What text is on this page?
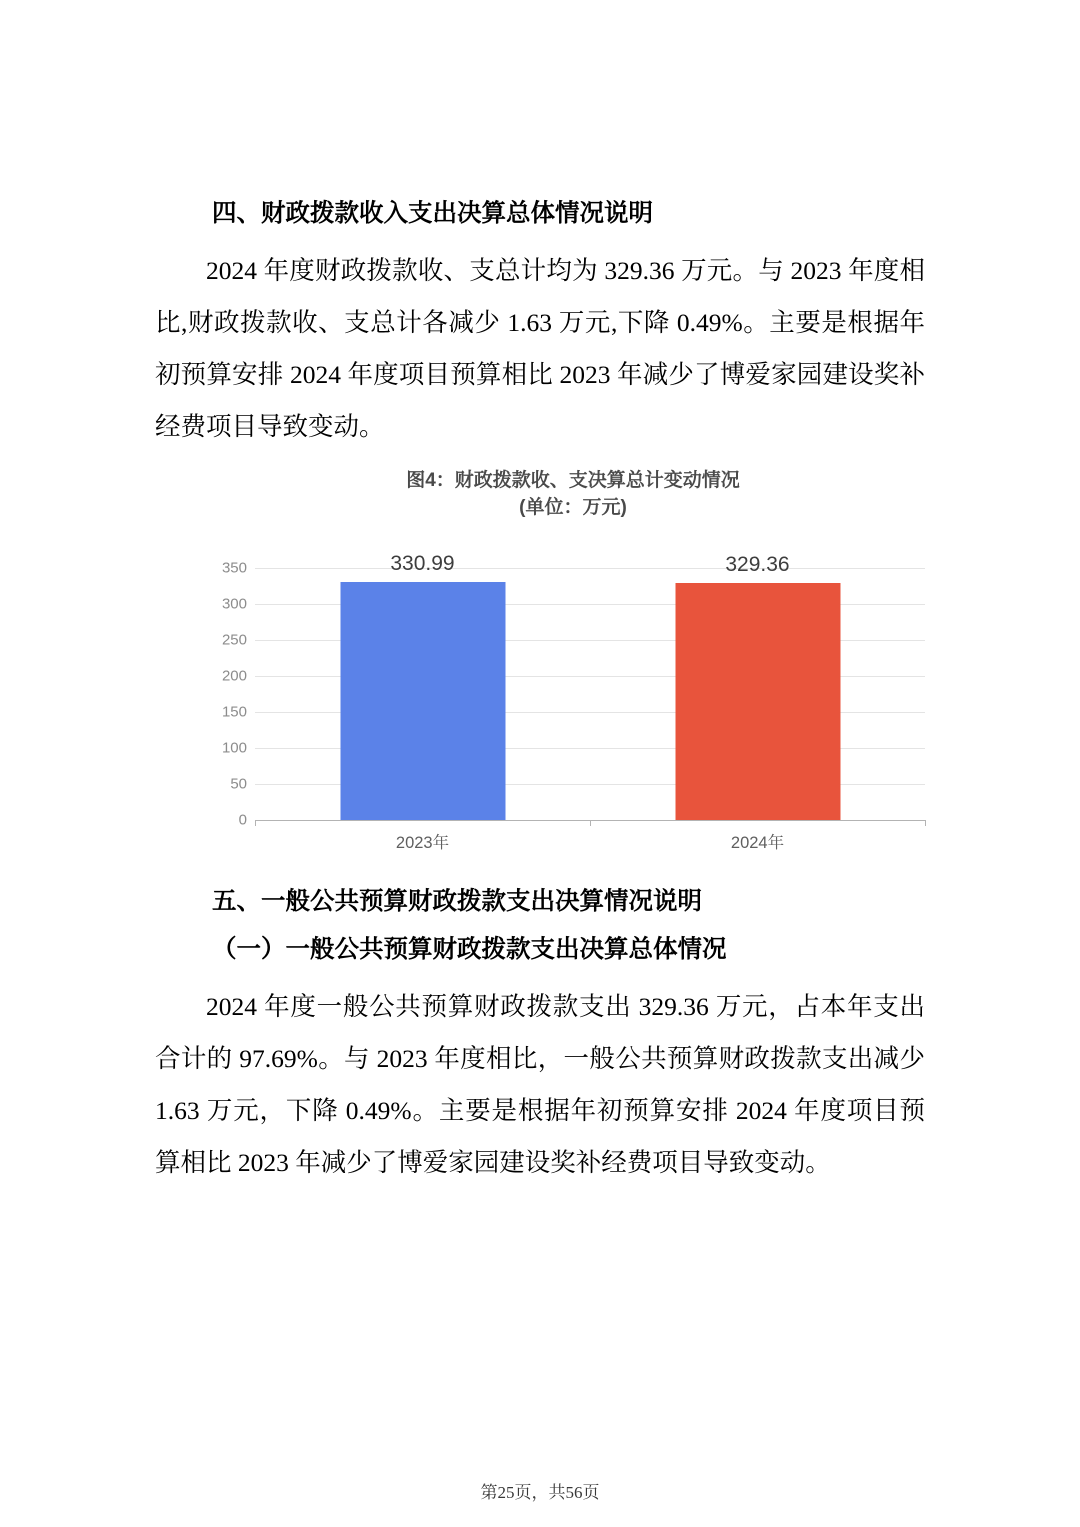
四、财政拨款收入支出决算总体情况说明

2024 年度财政拨款收、支总计均为 329.36 万元。与 2023 年度相比,财政拨款收、支总计各减少 1.63 万元,下降 0.49%。主要是根据年初预算安排 2024 年度项目预算相比 2023 年减少了博爱家园建设奖补经费项目导致变动。

图4：财政拨款收、支决算总计变动情况
(单位：万元)
0
50
100
150
200
250
300
350	330.99
2023年
329.36
2024年
五、一般公共预算财政拨款支出决算情况说明
（一）一般公共预算财政拨款支出决算总体情况

2024 年度一般公共预算财政拨款支出 329.36 万元，占本年支出合计的 97.69%。与 2023 年度相比，一般公共预算财政拨款支出减少 1.63 万元，下降 0.49%。主要是根据年初预算安排 2024 年度项目预算相比 2023 年减少了博爱家园建设奖补经费项目导致变动。

第25页，共56页
